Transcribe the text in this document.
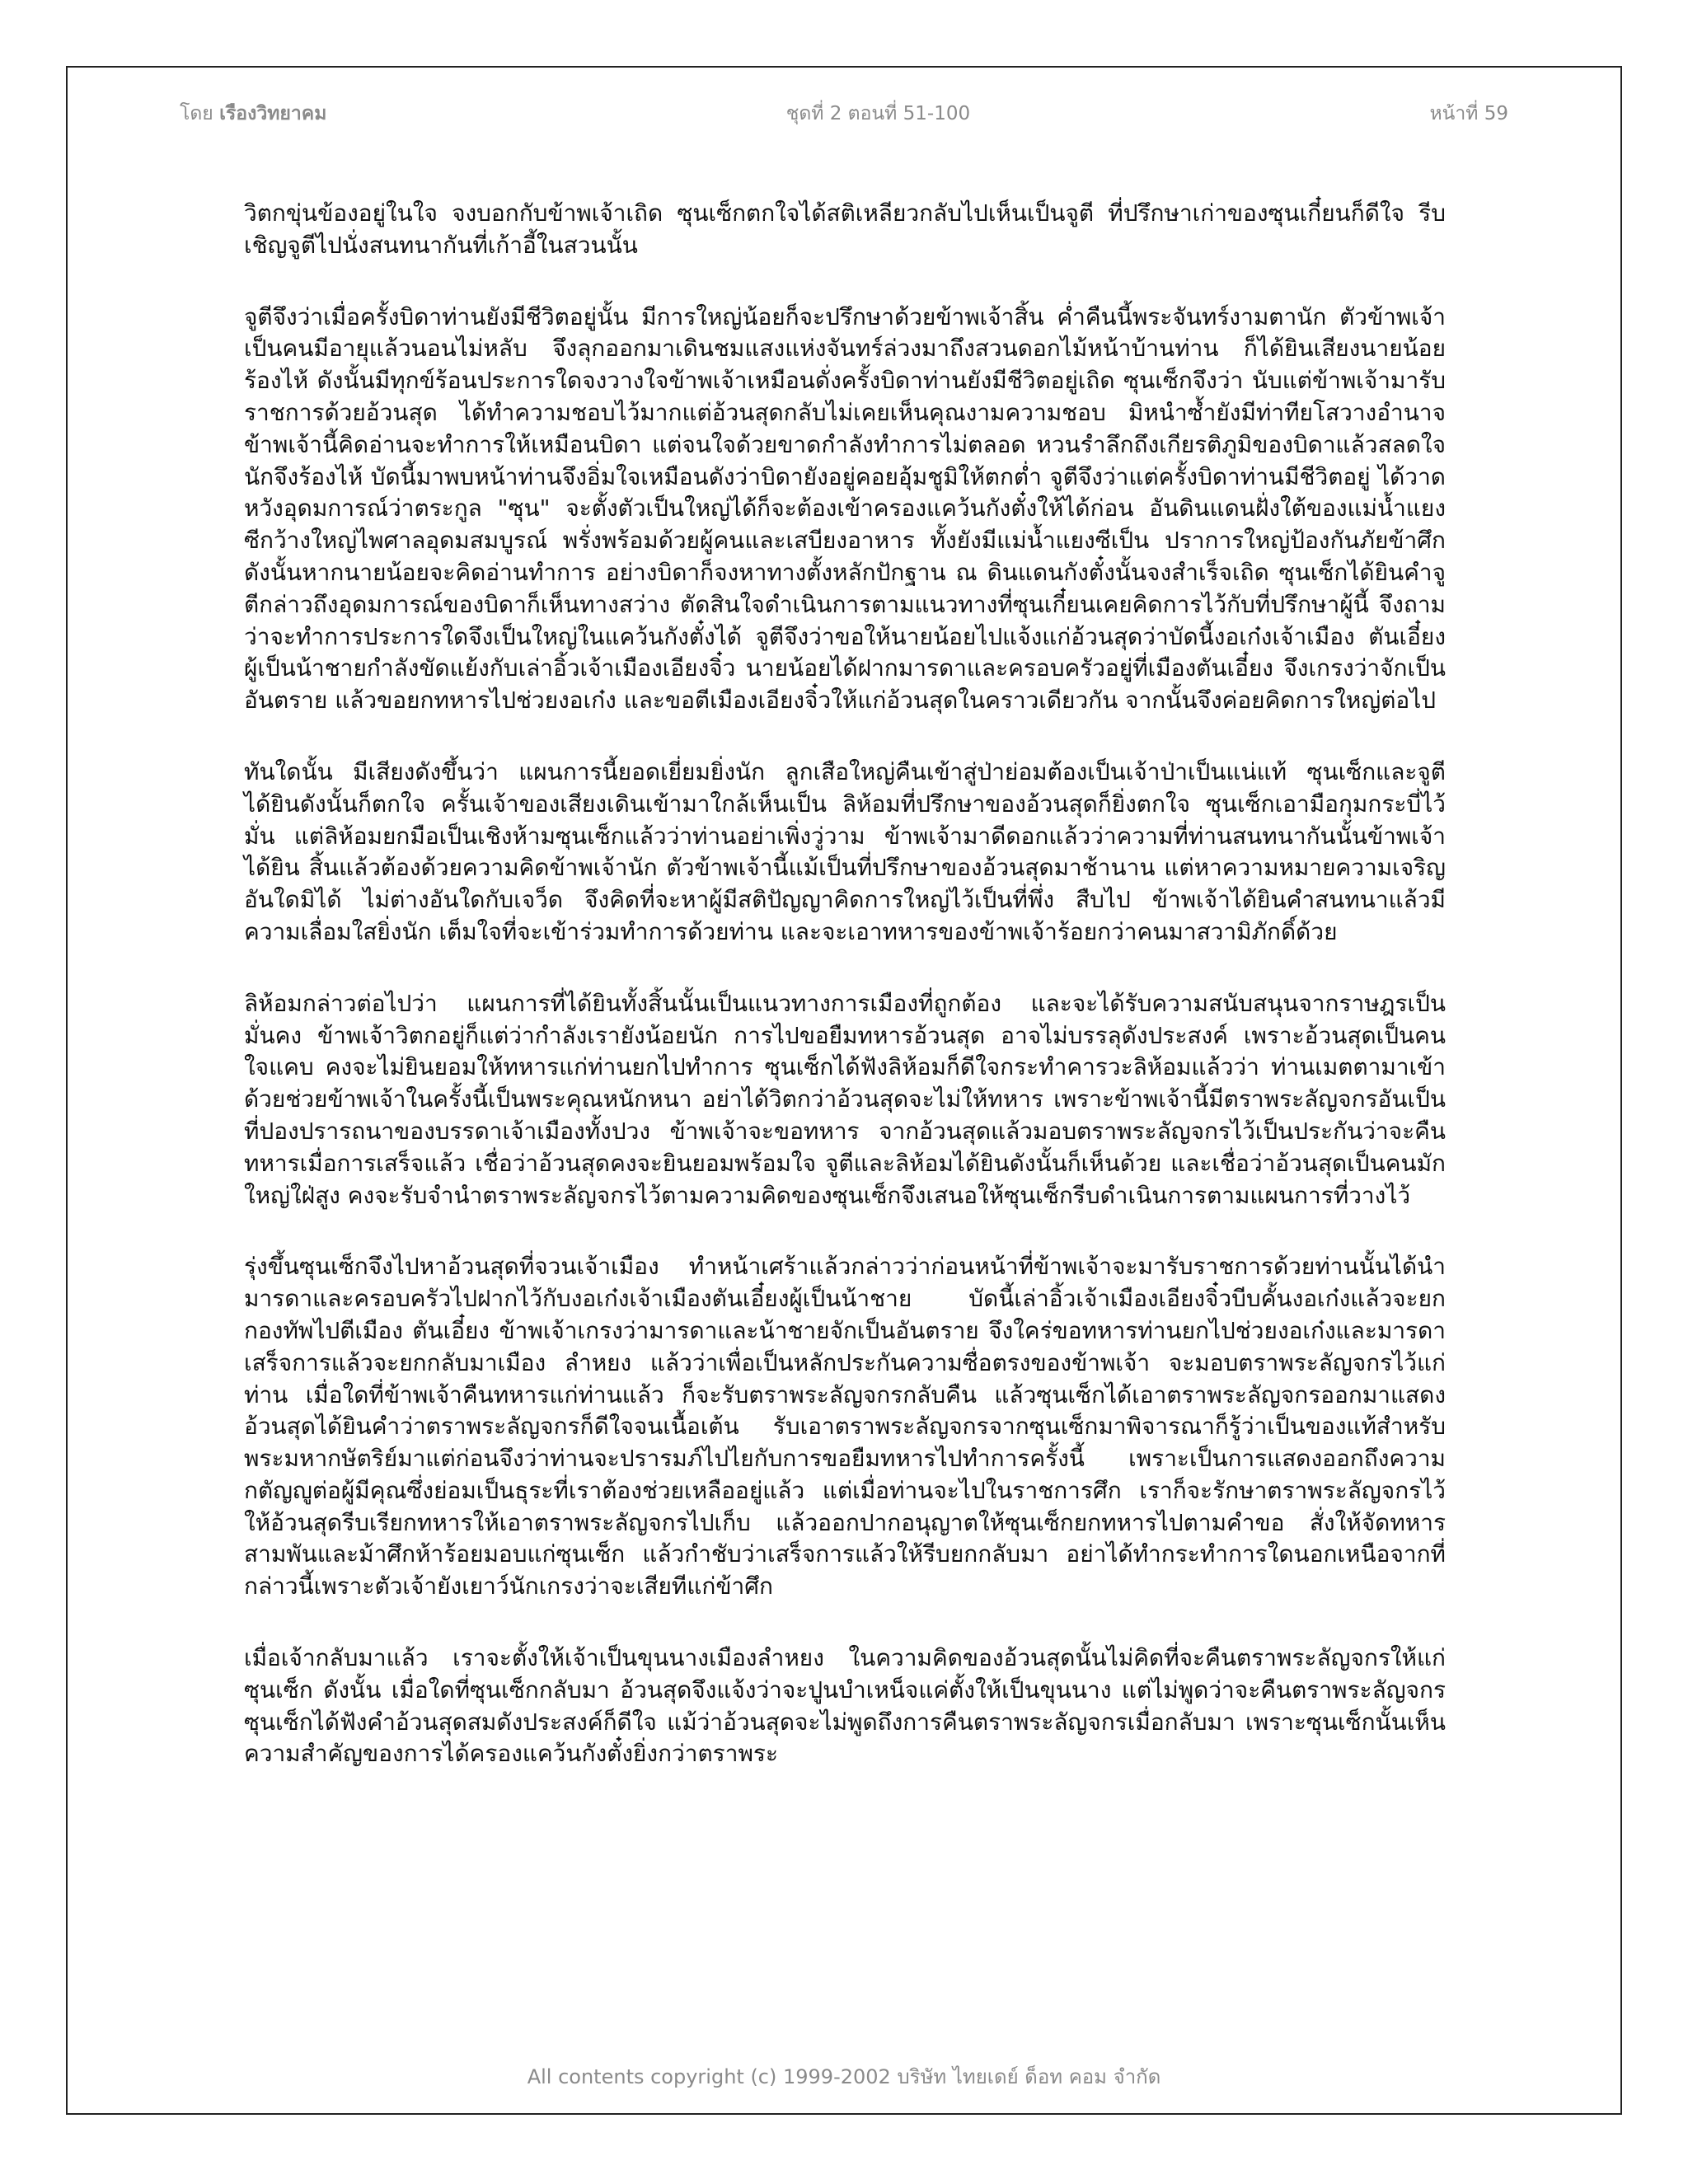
โดย เรืองวิทยาคม	ชุดที่ 2 ตอนที่ 51-100	หน้าที่ 59

วิตกขุ่นข้องอยู่ในใจ จงบอกกับข้าพเจ้าเถิด ซุนเซ็กตกใจได้สติเหลียวกลับไปเห็นเป็นจูตี ที่ปรึกษาเก่าของซุนเกี๋ยนก็ดีใจ รีบเชิญจูตีไปนั่งสนทนากันที่เก้าอี้ในสวนนั้น

จูตีจึงว่าเมื่อครั้งบิดาท่านยังมีชีวิตอยู่นั้น มีการใหญ่น้อยก็จะปรึกษาด้วยข้าพเจ้าสิ้น ค่ำคืนนี้พระจันทร์งามตานัก ตัวข้าพเจ้าเป็นคนมีอายุแล้วนอนไม่หลับ จึงลุกออกมาเดินชมแสงแห่งจันทร์ล่วงมาถึงสวนดอกไม้หน้าบ้านท่าน ก็ได้ยินเสียงนายน้อยร้องไห้ ดังนั้นมีทุกข์ร้อนประการใดจงวางใจข้าพเจ้าเหมือนดั่งครั้งบิดาท่านยังมีชีวิตอยู่เถิด ซุนเซ็กจึงว่า นับแต่ข้าพเจ้ามารับราชการด้วยอ้วนสุด ได้ทำความชอบไว้มากแต่อ้วนสุดกลับไม่เคยเห็นคุณงามความชอบ มิหนำซ้ำยังมีท่าทียโสวางอำนาจ ข้าพเจ้านี้คิดอ่านจะทำการให้เหมือนบิดา แต่จนใจด้วยขาดกำลังทำการไม่ตลอด หวนรำลึกถึงเกียรติภูมิของบิดาแล้วสลดใจนักจึงร้องไห้ บัดนี้มาพบหน้าท่านจึงอิ่มใจเหมือนดังว่าบิดายังอยู่คอยอุ้มชูมิให้ตกต่ำ จูตีจึงว่าแต่ครั้งบิดาท่านมีชีวิตอยู่ ได้วาดหวังอุดมการณ์ว่าตระกูล "ซุน" จะตั้งตัวเป็นใหญ่ได้ก็จะต้องเข้าครองแคว้นกังตั๋งให้ได้ก่อน อันดินแดนฝั่งใต้ของแม่น้ำแยงซีกว้างใหญ่ไพศาลอุดมสมบูรณ์ พรั่งพร้อมด้วยผู้คนและเสบียงอาหาร ทั้งยังมีแม่น้ำแยงซีเป็น ปราการใหญ่ป้องกันภัยข้าศึก ดังนั้นหากนายน้อยจะคิดอ่านทำการ อย่างบิดาก็จงหาทางตั้งหลักปักฐาน ณ ดินแดนกังตั๋งนั้นจงสำเร็จเถิด ซุนเซ็กได้ยินคำจูตีกล่าวถึงอุดมการณ์ของบิดาก็เห็นทางสว่าง ตัดสินใจดำเนินการตามแนวทางที่ซุนเกี๋ยนเคยคิดการไว้กับที่ปรึกษาผู้นี้ จึงถามว่าจะทำการประการใดจึงเป็นใหญ่ในแคว้นกังตั๋งได้ จูตีจึงว่าขอให้นายน้อยไปแจ้งแก่อ้วนสุดว่าบัดนี้งอเก๋งเจ้าเมือง ตันเอี๋ยง ผู้เป็นน้าชายกำลังขัดแย้งกับเล่าอิ้วเจ้าเมืองเอียงจิ๋ว นายน้อยได้ฝากมารดาและครอบครัวอยู่ที่เมืองตันเอี๋ยง จึงเกรงว่าจักเป็นอันตราย แล้วขอยกทหารไปช่วยงอเก๋ง และขอตีเมืองเอียงจิ๋วให้แก่อ้วนสุดในคราวเดียวกัน จากนั้นจึงค่อยคิดการใหญ่ต่อไป

ทันใดนั้น มีเสียงดังขึ้นว่า แผนการนี้ยอดเยี่ยมยิ่งนัก ลูกเสือใหญ่คืนเข้าสู่ป่าย่อมต้องเป็นเจ้าป่าเป็นแน่แท้ ซุนเซ็กและจูตีได้ยินดังนั้นก็ตกใจ ครั้นเจ้าของเสียงเดินเข้ามาใกล้เห็นเป็น ลิห้อมที่ปรึกษาของอ้วนสุดก็ยิ่งตกใจ ซุนเซ็กเอามือกุมกระบี่ไว้มั่น แต่ลิห้อมยกมือเป็นเชิงห้ามซุนเซ็กแล้วว่าท่านอย่าเพิ่งวู่วาม ข้าพเจ้ามาดีดอกแล้วว่าความที่ท่านสนทนากันนั้นข้าพเจ้าได้ยิน สิ้นแล้วต้องด้วยความคิดข้าพเจ้านัก ตัวข้าพเจ้านี้แม้เป็นที่ปรึกษาของอ้วนสุดมาช้านาน แต่หาความหมายความเจริญอันใดมิได้ ไม่ต่างอันใดกับเจว็ด จึงคิดที่จะหาผู้มีสติปัญญาคิดการใหญ่ไว้เป็นที่พึ่ง สืบไป ข้าพเจ้าได้ยินคำสนทนาแล้วมีความเลื่อมใสยิ่งนัก เต็มใจที่จะเข้าร่วมทำการด้วยท่าน และจะเอาทหารของข้าพเจ้าร้อยกว่าคนมาสวามิภักดิ์ด้วย

ลิห้อมกล่าวต่อไปว่า แผนการที่ได้ยินทั้งสิ้นนั้นเป็นแนวทางการเมืองที่ถูกต้อง และจะได้รับความสนับสนุนจากราษฎรเป็นมั่นคง ข้าพเจ้าวิตกอยู่ก็แต่ว่ากำลังเรายังน้อยนัก การไปขอยืมทหารอ้วนสุด อาจไม่บรรลุดังประสงค์ เพราะอ้วนสุดเป็นคนใจแคบ คงจะไม่ยินยอมให้ทหารแก่ท่านยกไปทำการ ซุนเซ็กได้ฟังลิห้อมก็ดีใจกระทำคารวะลิห้อมแล้วว่า ท่านเมตตามาเข้าด้วยช่วยข้าพเจ้าในครั้งนี้เป็นพระคุณหนักหนา อย่าได้วิตกว่าอ้วนสุดจะไม่ให้ทหาร เพราะข้าพเจ้านี้มีตราพระลัญจกรอันเป็นที่ปองปรารถนาของบรรดาเจ้าเมืองทั้งปวง ข้าพเจ้าจะขอทหาร จากอ้วนสุดแล้วมอบตราพระลัญจกรไว้เป็นประกันว่าจะคืนทหารเมื่อการเสร็จแล้ว เชื่อว่าอ้วนสุดคงจะยินยอมพร้อมใจ จูตีและลิห้อมได้ยินดังนั้นก็เห็นด้วย และเชื่อว่าอ้วนสุดเป็นคนมักใหญ่ใฝ่สูง คงจะรับจำนำตราพระลัญจกรไว้ตามความคิดของซุนเซ็กจึงเสนอให้ซุนเซ็กรีบดำเนินการตามแผนการที่วางไว้

รุ่งขึ้นซุนเซ็กจึงไปหาอ้วนสุดที่จวนเจ้าเมือง ทำหน้าเศร้าแล้วกล่าวว่าก่อนหน้าที่ข้าพเจ้าจะมารับราชการด้วยท่านนั้นได้นำมารดาและครอบครัวไปฝากไว้กับงอเก๋งเจ้าเมืองตันเอี๋ยงผู้เป็นน้าชาย บัดนี้เล่าอิ้วเจ้าเมืองเอียงจิ๋วบีบคั้นงอเก๋งแล้วจะยกกองทัพไปตีเมือง ตันเอี๋ยง ข้าพเจ้าเกรงว่ามารดาและน้าชายจักเป็นอันตราย จึงใคร่ขอทหารท่านยกไปช่วยงอเก๋งและมารดาเสร็จการแล้วจะยกกลับมาเมือง ลำหยง แล้วว่าเพื่อเป็นหลักประกันความซื่อตรงของข้าพเจ้า จะมอบตราพระลัญจกรไว้แก่ท่าน เมื่อใดที่ข้าพเจ้าคืนทหารแก่ท่านแล้ว ก็จะรับตราพระลัญจกรกลับคืน แล้วซุนเซ็กได้เอาตราพระลัญจกรออกมาแสดง อ้วนสุดได้ยินคำว่าตราพระลัญจกรก็ดีใจจนเนื้อเต้น รับเอาตราพระลัญจกรจากซุนเซ็กมาพิจารณาก็รู้ว่าเป็นของแท้สำหรับพระมหากษัตริย์มาแต่ก่อนจึงว่าท่านจะปรารมภ์ไปไยกับการขอยืมทหารไปทำการครั้งนี้ เพราะเป็นการแสดงออกถึงความกตัญญูต่อผู้มีคุณซึ่งย่อมเป็นธุระที่เราต้องช่วยเหลืออยู่แล้ว แต่เมื่อท่านจะไปในราชการศึก เราก็จะรักษาตราพระลัญจกรไว้ให้อ้วนสุดรีบเรียกทหารให้เอาตราพระลัญจกรไปเก็บ แล้วออกปากอนุญาตให้ซุนเซ็กยกทหารไปตามคำขอ สั่งให้จัดทหารสามพันและม้าศึกห้าร้อยมอบแก่ซุนเซ็ก แล้วกำชับว่าเสร็จการแล้วให้รีบยกกลับมา อย่าได้ทำกระทำการใดนอกเหนือจากที่กล่าวนี้เพราะตัวเจ้ายังเยาว์นักเกรงว่าจะเสียทีแก่ข้าศึก

เมื่อเจ้ากลับมาแล้ว เราจะตั้งให้เจ้าเป็นขุนนางเมืองลำหยง ในความคิดของอ้วนสุดนั้นไม่คิดที่จะคืนตราพระลัญจกรให้แก่ ซุนเซ็ก ดังนั้น เมื่อใดที่ซุนเซ็กกลับมา อ้วนสุดจึงแจ้งว่าจะปูนบำเหน็จแค่ตั้งให้เป็นขุนนาง แต่ไม่พูดว่าจะคืนตราพระลัญจกร ซุนเซ็กได้ฟังคำอ้วนสุดสมดังประสงค์ก็ดีใจ แม้ว่าอ้วนสุดจะไม่พูดถึงการคืนตราพระลัญจกรเมื่อกลับมา เพราะซุนเซ็กนั้นเห็นความสำคัญของการได้ครองแคว้นกังตั๋งยิ่งกว่าตราพระ

All contents copyright (c) 1999-2002 บริษัท ไทยเดย์ ด็อท คอม จำกัด
